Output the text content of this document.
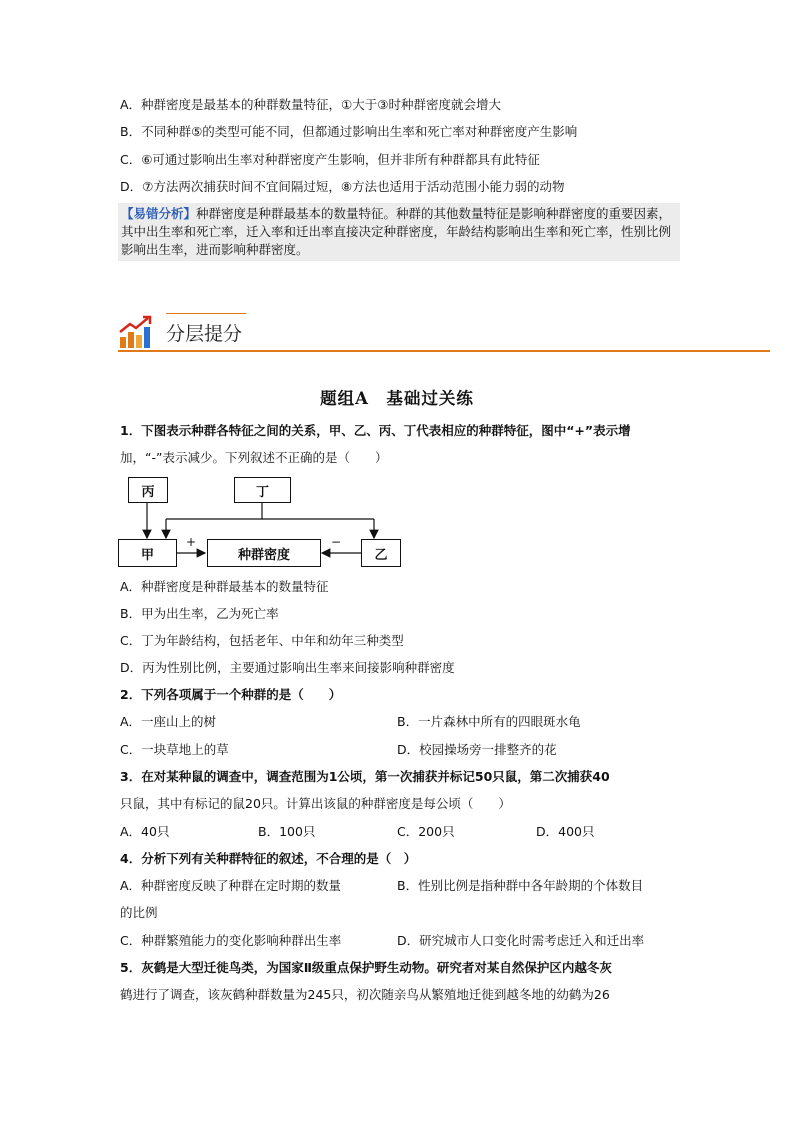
A．种群密度是最基本的种群数量特征，①大于③时种群密度就会增大
B．不同种群⑤的类型可能不同，但都通过影响出生率和死亡率对种群密度产生影响
C．⑥可通过影响出生率对种群密度产生影响，但并非所有种群都具有此特征
D．⑦方法两次捕获时间不宜间隔过短，⑧方法也适用于活动范围小能力弱的动物
【易错分析】种群密度是种群最基本的数量特征。种群的其他数量特征是影响种群密度的重要因素，其中出生率和死亡率，迁入率和迁出率直接决定种群密度，年龄结构影响出生率和死亡率，性别比例影响出生率，进而影响种群密度。
分层提分
题组A　基础过关练
1．下图表示种群各特征之间的关系，甲、乙、丙、丁代表相应的种群特征，图中“+”表示增
加，“-”表示减少。下列叙述不正确的是（　　）
丙	丁
甲	种群密度	乙
+	−
A．种群密度是种群最基本的数量特征
B．甲为出生率，乙为死亡率
C．丁为年龄结构，包括老年、中年和幼年三种类型
D．丙为性别比例，主要通过影响出生率来间接影响种群密度
2．下列各项属于一个种群的是（　　）
A．一座山上的树	B．一片森林中所有的四眼斑水龟
C．一块草地上的草	D．校园操场旁一排整齐的花
3．在对某种鼠的调查中，调查范围为1公顷，第一次捕获并标记50只鼠，第二次捕获40
只鼠，其中有标记的鼠20只。计算出该鼠的种群密度是每公顷（　　）
A．40只	B．100只	C．200只	D．400只
4．分析下列有关种群特征的叙述，不合理的是（　）
A．种群密度反映了种群在定时期的数量	B．性别比例是指种群中各年龄期的个体数目
的比例
C．种群繁殖能力的变化影响种群出生率	D．研究城市人口变化时需考虑迁入和迁出率
5．灰鹤是大型迁徙鸟类，为国家Ⅱ级重点保护野生动物。研究者对某自然保护区内越冬灰
鹤进行了调查，该灰鹤种群数量为245只，初次随亲鸟从繁殖地迁徙到越冬地的幼鹤为26
